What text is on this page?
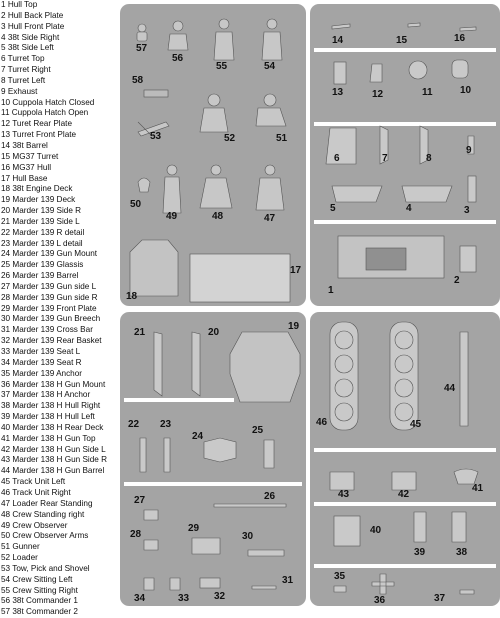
1 Hull Top
2 Hull Back Plate
3 Hull Front Plate
4 38t Side Right
5 38t Side Left
6 Turret Top
7 Turret Right
8 Turret Left
9 Exhaust
10 Cuppola Hatch Closed
11 Cuppola Hatch Open
12 Turet Rear Plate
13 Turret Front Plate
14 38t Barrel
15 MG37 Turret
16 MG37 Hull
17 Hull Base
18 38t Engine Deck
19 Marder 139 Deck
20 Marder 139 Side R
21 Marder 139 Side L
22 Marder 139 R detail
23 Marder 139 L detail
24 Marder 139 Gun Mount
25 Marder 139 Glassis
26 Marder 139 Barrel
27 Marder 139 Gun side L
28 Marder 139 Gun side R
29 Marder 139 Front Plate
30 Marder 139 Gun Breech
31 Marder 139 Cross Bar
32 Marder 139 Rear Basket
33 Marder 139 Seat L
34 Marder 139 Seat R
35 Marder 139 Anchor
36 Marder 138 H Gun Mount
37 Marder 138 H Anchor
38 Marder 138 H Hull Right
39 Marder 138 H Hull Left
40 Marder 138 H Rear Deck
41 Marder 138 H Gun Top
42 Marder 138 H Gun Side L
43 Marder 138 H Gun Side R
44 Marder 138 H Gun Barrel
45 Track Unit Left
46 Track Unit Right
47 Loader Rear Standing
48 Crew Standing right
49 Crew Observer
50 Crew Observer Arms
51 Gunner
52 Loader
53 Tow, Pick and Shovel
54 Crew Sitting Left
55 Crew Sitting Right
56 38t Commander 1
57 38t Commander 2
57
56
55	54
58
53	52	51
50
49	48	47
18
17
14	15	16
13	12	11	10
6	7	8
9
5	4	3
1
2
21	20
19
22 23
24
25
27	26
28
29
30
31
34	33 32
46	45
44
43	42
41
40
39	38
35
36	37
